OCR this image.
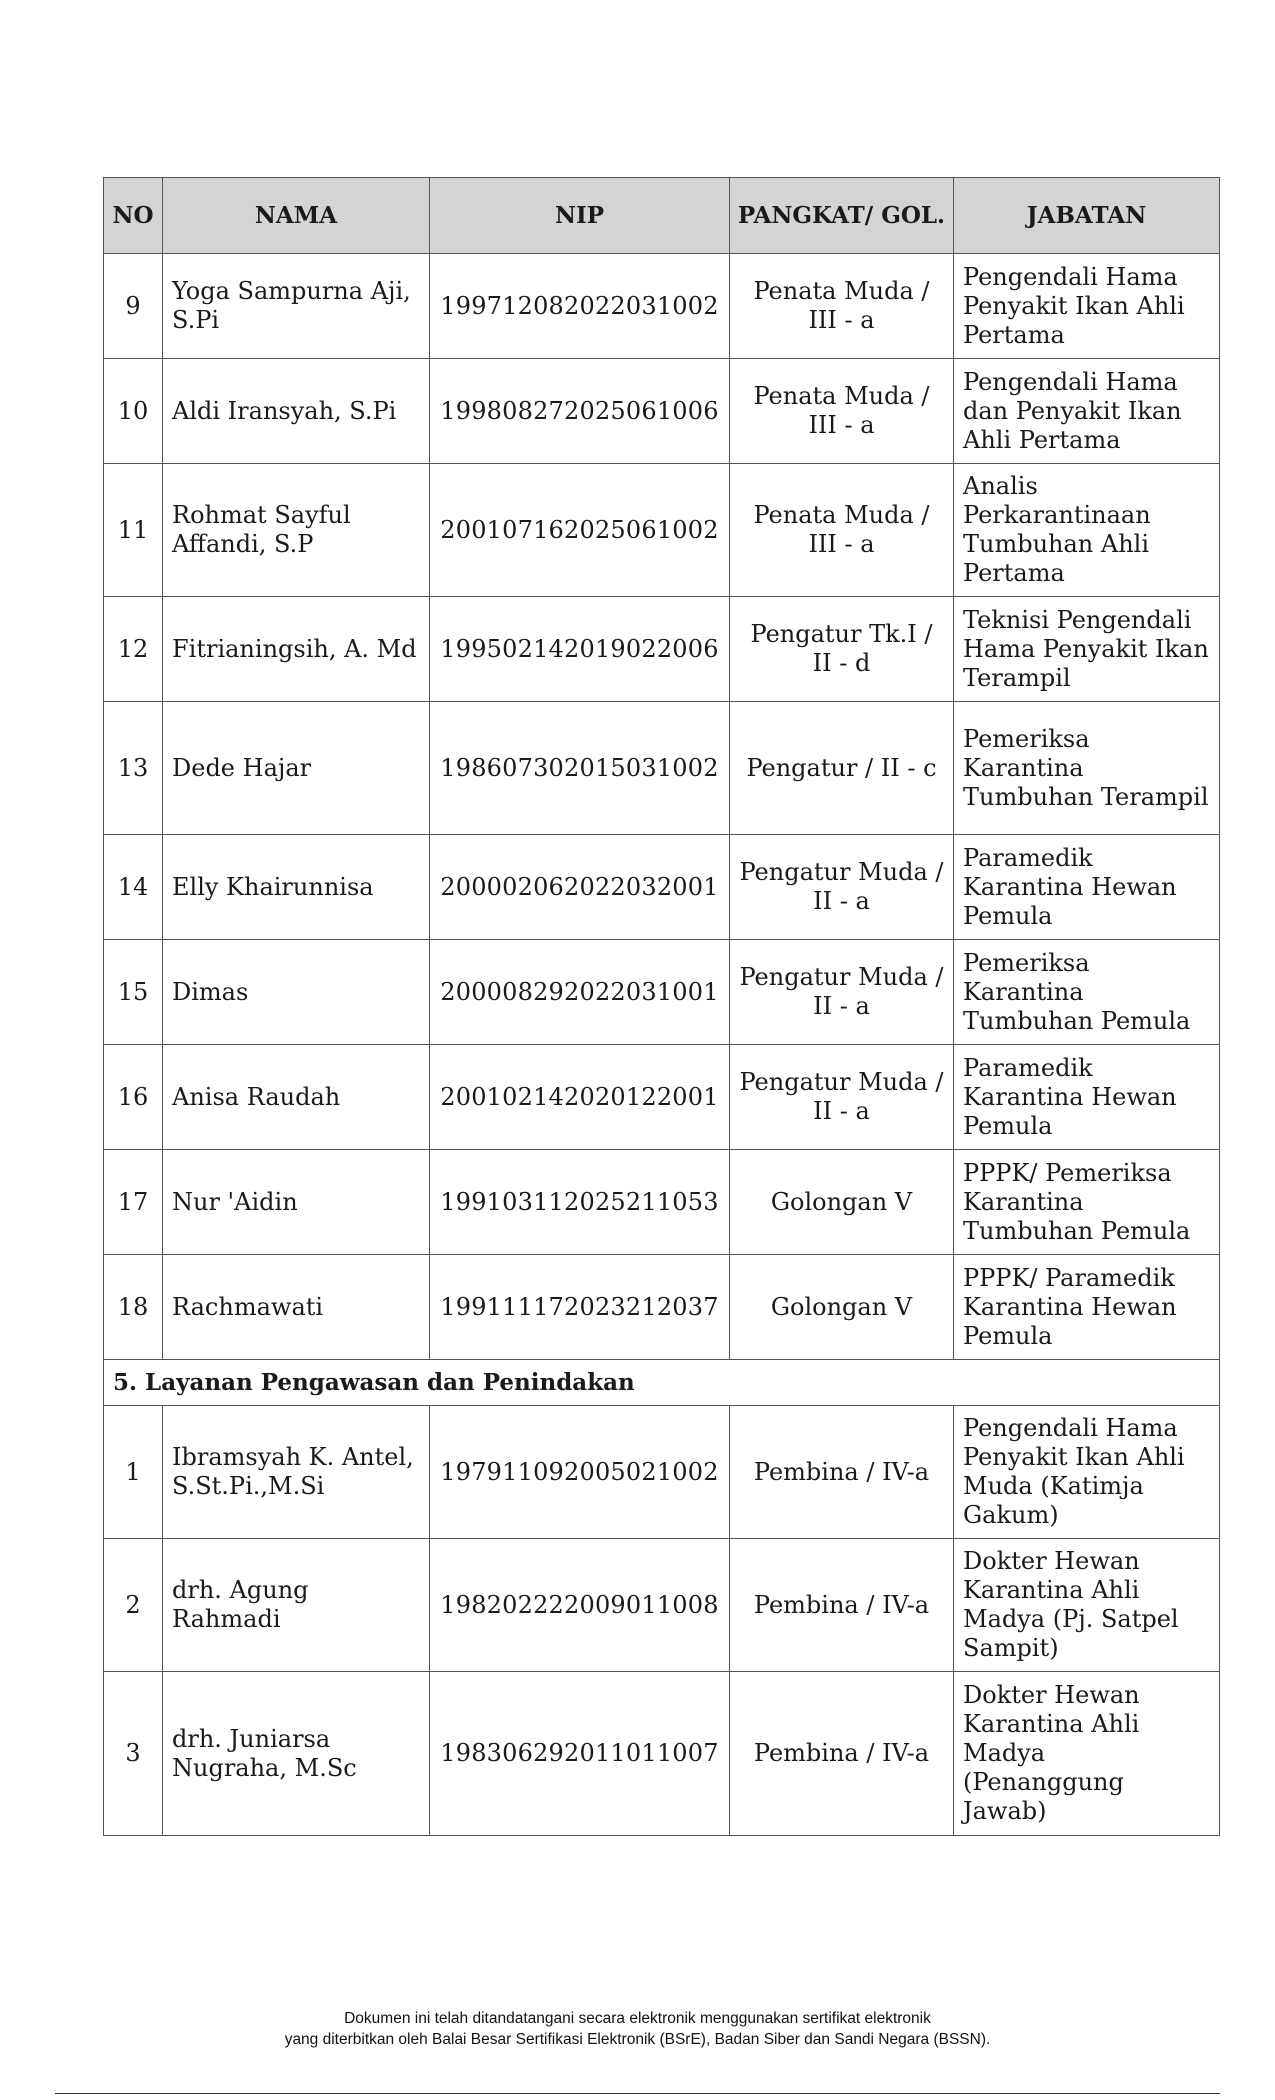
NO	NAMA	NIP	PANGKAT/ GOL.	JABATAN
9	Yoga Sampurna Aji, S.Pi	199712082022031002	Penata Muda / III - a	Pengendali Hama Penyakit Ikan Ahli Pertama
10	Aldi Iransyah, S.Pi	199808272025061006	Penata Muda / III - a	Pengendali Hama dan Penyakit Ikan Ahli Pertama
11	Rohmat Sayful Affandi, S.P	200107162025061002	Penata Muda / III - a	Analis Perkarantinaan Tumbuhan Ahli Pertama
12	Fitrianingsih, A. Md	199502142019022006	Pengatur Tk.I / II - d	Teknisi Pengendali Hama Penyakit Ikan Terampil
13	Dede Hajar	198607302015031002	Pengatur / II - c	Pemeriksa Karantina Tumbuhan Terampil
14	Elly Khairunnisa	200002062022032001	Pengatur Muda / II - a	Paramedik Karantina Hewan Pemula
15	Dimas	200008292022031001	Pengatur Muda / II - a	Pemeriksa Karantina Tumbuhan Pemula
16	Anisa Raudah	200102142020122001	Pengatur Muda / II - a	Paramedik Karantina Hewan Pemula
17	Nur 'Aidin	199103112025211053	Golongan V	PPPK/ Pemeriksa Karantina Tumbuhan Pemula
18	Rachmawati	199111172023212037	Golongan V	PPPK/ Paramedik Karantina Hewan Pemula
5. Layanan Pengawasan dan Penindakan				
1	Ibramsyah K. Antel, S.St.Pi.,M.Si	197911092005021002	Pembina / IV-a	Pengendali Hama Penyakit Ikan Ahli Muda (Katimja Gakum)
2	drh. Agung Rahmadi	198202222009011008	Pembina / IV-a	Dokter Hewan Karantina Ahli Madya (Pj. Satpel Sampit)
3	drh. Juniarsa Nugraha, M.Sc	198306292011011007	Pembina / IV-a	Dokter Hewan Karantina Ahli Madya (Penanggung Jawab)
Dokumen ini telah ditandatangani secara elektronik menggunakan sertifikat elektronik
yang diterbitkan oleh Balai Besar Sertifikasi Elektronik (BSrE), Badan Siber dan Sandi Negara (BSSN).
